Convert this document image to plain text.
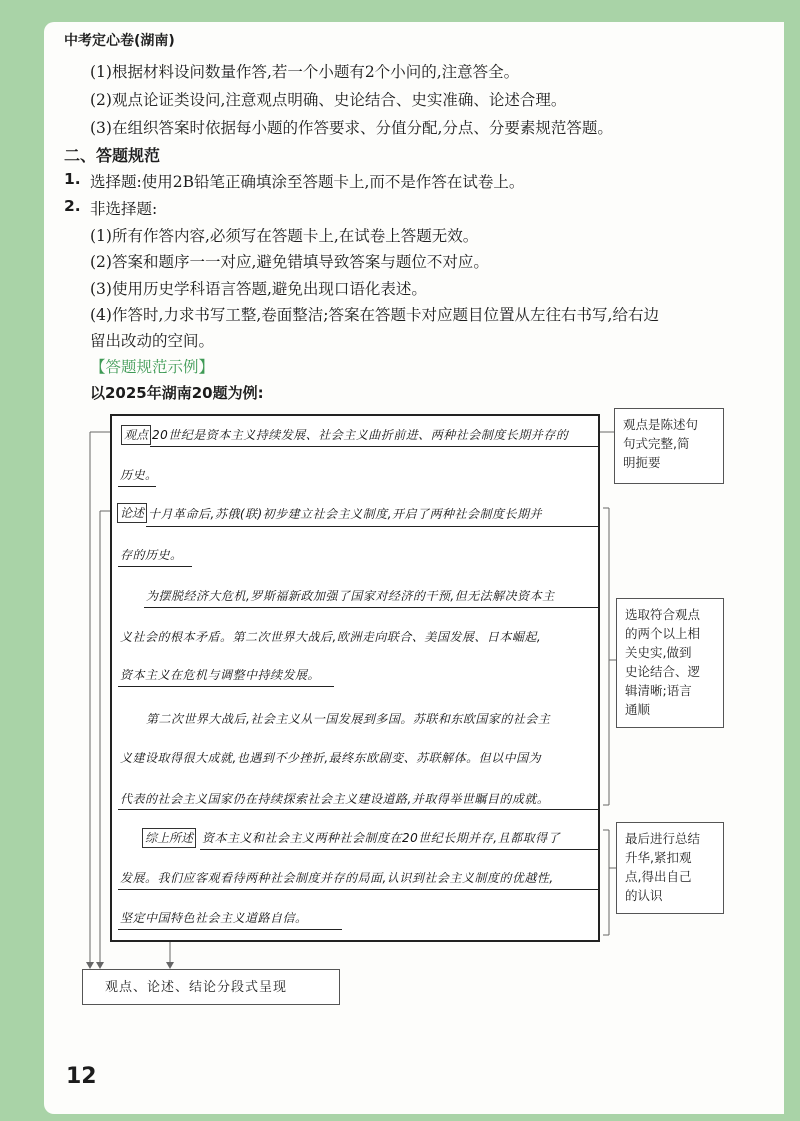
中考定心卷(湖南)
(1)根据材料设问数量作答,若一个小题有2个小问的,注意答全。
(2)观点论证类设问,注意观点明确、史论结合、史实准确、论述合理。
(3)在组织答案时依据每小题的作答要求、分值分配,分点、分要素规范答题。
二、答题规范
1. 选择题:使用2B铅笔正确填涂至答题卡上,而不是作答在试卷上。
2. 非选择题:
(1)所有作答内容,必须写在答题卡上,在试卷上答题无效。
(2)答案和题序一一对应,避免错填导致答案与题位不对应。
(3)使用历史学科语言答题,避免出现口语化表述。
(4)作答时,力求书写工整,卷面整洁;答案在答题卡对应题目位置从左往右书写,给右边
留出改动的空间。
【答题规范示例】
以2025年湖南20题为例:
观点 20世纪是资本主义持续发展、社会主义曲折前进、两种社会制度长期并存的
历史。
论述 十月革命后,苏俄(联)初步建立社会主义制度,开启了两种社会制度长期并
存的历史。
为摆脱经济大危机,罗斯福新政加强了国家对经济的干预,但无法解决资本主
义社会的根本矛盾。第二次世界大战后,欧洲走向联合、美国发展、日本崛起,
资本主义在危机与调整中持续发展。
第二次世界大战后,社会主义从一国发展到多国。苏联和东欧国家的社会主
义建设取得很大成就,也遇到不少挫折,最终东欧剧变、苏联解体。但以中国为
代表的社会主义国家仍在持续探索社会主义建设道路,并取得举世瞩目的成就。
综上所述 资本主义和社会主义两种社会制度在20世纪长期并存,且都取得了
发展。我们应客观看待两种社会制度并存的局面,认识到社会主义制度的优越性,
坚定中国特色社会主义道路自信。
观点是陈述句
句式完整,简
明扼要
选取符合观点
的两个以上相
关史实,做到
史论结合、逻
辑清晰;语言
通顺
最后进行总结
升华,紧扣观
点,得出自己
的认识
观点、论述、结论分段式呈现
12
